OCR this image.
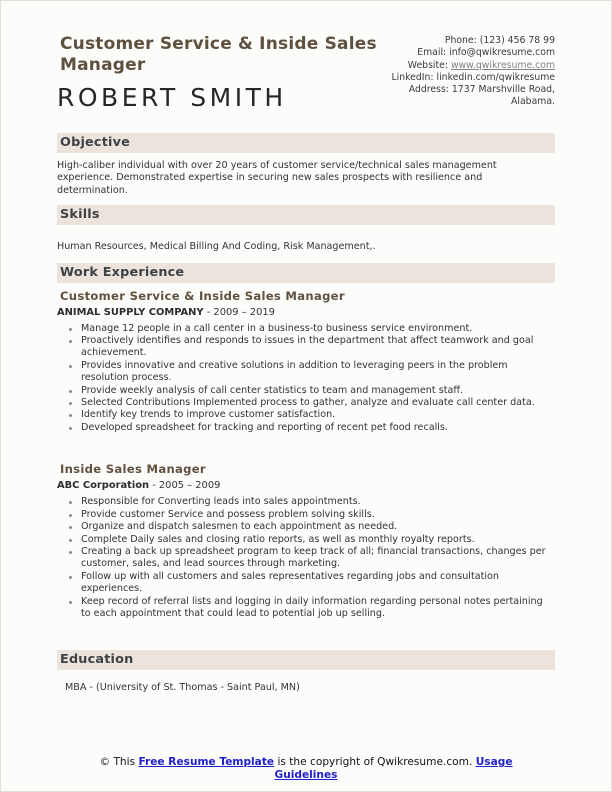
Customer Service & Inside Sales Manager
ROBERT SMITH
Phone: (123) 456 78 99
Email: info@qwikresume.com
Website: www.qwikresume.com
LinkedIn: linkedin.com/qwikresume
Address: 1737 Marshville Road, Alabama.
Objective
High-caliber individual with over 20 years of customer service/technical sales management experience. Demonstrated expertise in securing new sales prospects with resilience and determination.
Skills
Human Resources, Medical Billing And Coding, Risk Management,.
Work Experience
Customer Service & Inside Sales Manager
ANIMAL SUPPLY COMPANY - 2009 – 2019
Manage 12 people in a call center in a business-to business service environment.
Proactively identifies and responds to issues in the department that affect teamwork and goal achievement.
Provides innovative and creative solutions in addition to leveraging peers in the problem resolution process.
Provide weekly analysis of call center statistics to team and management staff.
Selected Contributions Implemented process to gather, analyze and evaluate call center data.
Identify key trends to improve customer satisfaction.
Developed spreadsheet for tracking and reporting of recent pet food recalls.
Inside Sales Manager
ABC Corporation - 2005 – 2009
Responsible for Converting leads into sales appointments.
Provide customer Service and possess problem solving skills.
Organize and dispatch salesmen to each appointment as needed.
Complete Daily sales and closing ratio reports, as well as monthly royalty reports.
Creating a back up spreadsheet program to keep track of all; financial transactions, changes per customer, sales, and lead sources through marketing.
Follow up with all customers and sales representatives regarding jobs and consultation experiences.
Keep record of referral lists and logging in daily information regarding personal notes pertaining to each appointment that could lead to potential job up selling.
Education
MBA - (University of St. Thomas - Saint Paul, MN)
© This Free Resume Template is the copyright of Qwikresume.com. Usage Guidelines
